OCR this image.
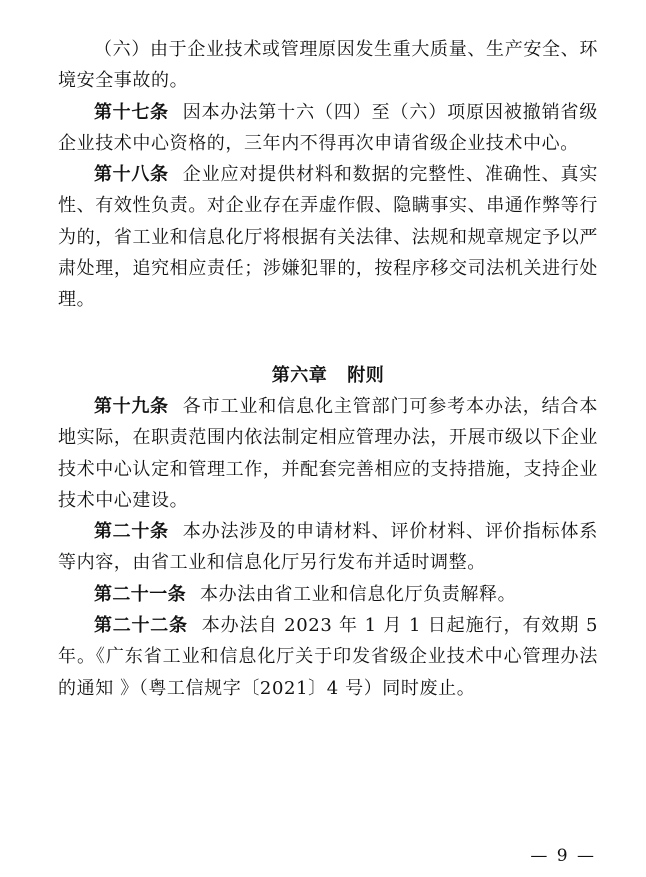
（六）由于企业技术或管理原因发生重大质量、生产安全、环境安全事故的。

第十七条 因本办法第十六（四）至（六）项原因被撤销省级企业技术中心资格的，三年内不得再次申请省级企业技术中心。

第十八条 企业应对提供材料和数据的完整性、准确性、真实性、有效性负责。对企业存在弄虚作假、隐瞒事实、串通作弊等行为的，省工业和信息化厅将根据有关法律、法规和规章规定予以严肃处理，追究相应责任；涉嫌犯罪的，按程序移交司法机关进行处理。

第六章 附则

第十九条 各市工业和信息化主管部门可参考本办法，结合本地实际，在职责范围内依法制定相应管理办法，开展市级以下企业技术中心认定和管理工作，并配套完善相应的支持措施，支持企业技术中心建设。

第二十条 本办法涉及的申请材料、评价材料、评价指标体系等内容，由省工业和信息化厅另行发布并适时调整。

第二十一条 本办法由省工业和信息化厅负责解释。

第二十二条 本办法自 2023 年 1 月 1 日起施行，有效期 5 年。《广东省工业和信息化厅关于印发省级企业技术中心管理办法的通知 》（粤工信规字〔2021〕4 号）同时废止。

— 9 —
